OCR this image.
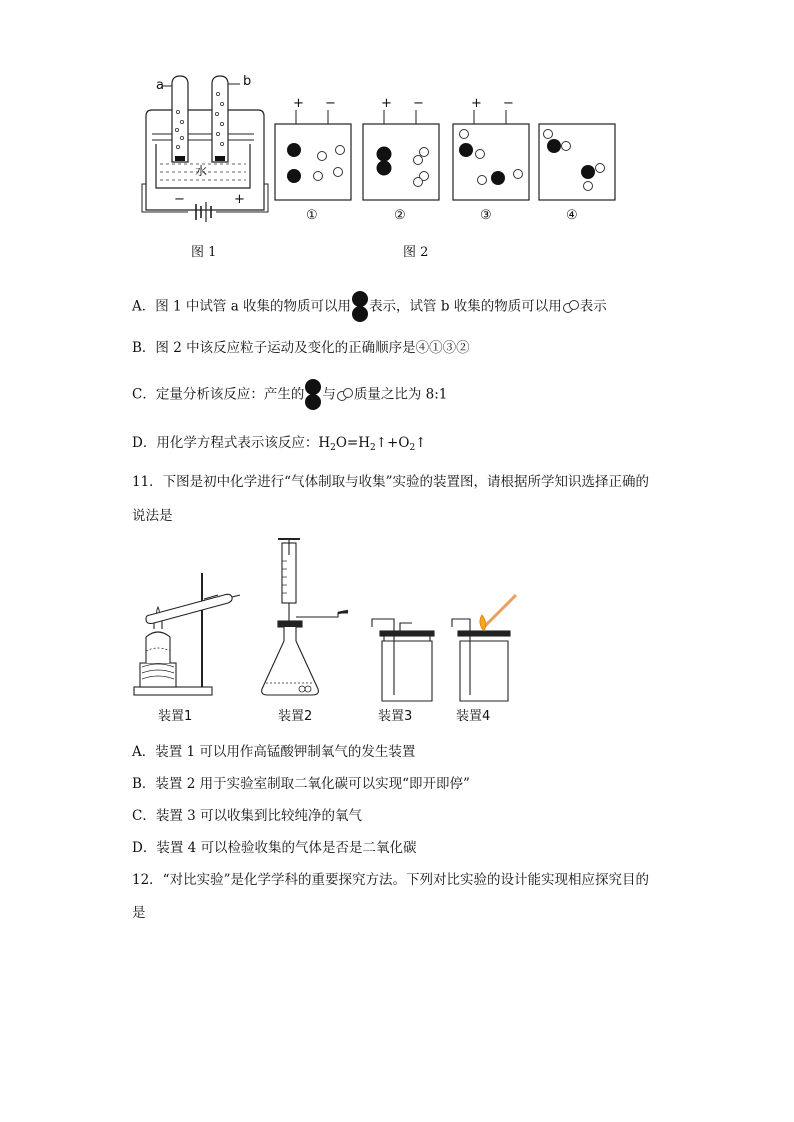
a	b
水
−	+
图 1
+ −
①
+ −
②
+ −
③	④
图 2
A．图 1 中试管 a 收集的物质可以用 表示，试管 b 收集的物质可以用 表示
B．图 2 中该反应粒子运动及变化的正确顺序是④①③②
C．定量分析该反应：产生的 与 质量之比为 8:1
D．用化学方程式表示该反应：$H_2O=H_2↑+O_2↑$
11．下图是初中化学进行“气体制取与收集”实验的装置图，请根据所学知识选择正确的
说法是
装置1	装置2	装置3	装置4
A．装置 1 可以用作高锰酸钾制氧气的发生装置
B．装置 2 用于实验室制取二氧化碳可以实现“即开即停”
C．装置 3 可以收集到比较纯净的氧气
D．装置 4 可以检验收集的气体是否是二氧化碳
12．“对比实验”是化学学科的重要探究方法。下列对比实验的设计能实现相应探究目的
是
